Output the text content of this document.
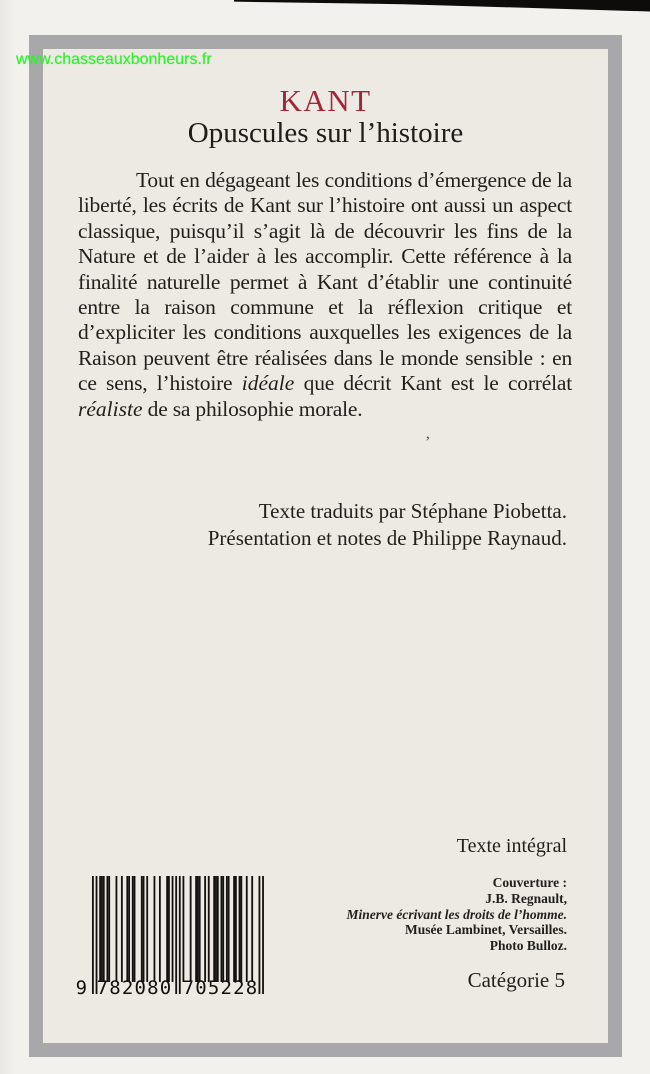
www.chasseauxbonheurs.fr
KANT
Opuscules sur l’histoire

Tout en dégageant les conditions d’émergence de la liberté, les écrits de Kant sur l’histoire ont aussi un aspect classique, puisqu’il s’agit là de découvrir les fins de la Nature et de l’aider à les accomplir. Cette référence à la finalité naturelle permet à Kant d’établir une continuité entre la raison commune et la réflexion critique et d’expliciter les conditions auxquelles les exigences de la Raison peuvent être réalisées dans le monde sensible : en ce sens, l’histoire idéale que décrit Kant est le corrélat réaliste de sa philosophie morale.

’
Texte traduits par Stéphane Piobetta.
Présentation et notes de Philippe Raynaud.
Texte intégral
Couverture :
J.B. Regnault,
Minerve écrivant les droits de l’homme.
Musée Lambinet, Versailles.
Photo Bulloz.
Catégorie 5
9 782080 705228
